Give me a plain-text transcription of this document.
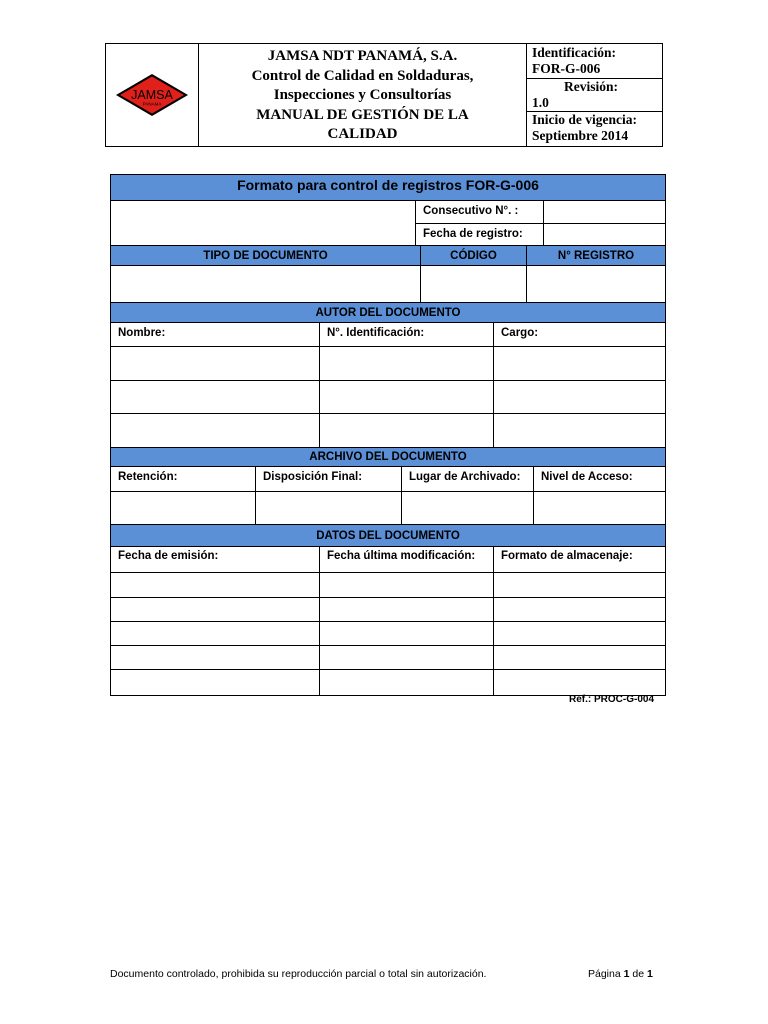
JAMSA
PANAMA
JAMSA NDT PANAMÁ, S.A.
Control de Calidad en Soldaduras,
Inspecciones y Consultorías
MANUAL DE GESTIÓN DE LA
CALIDAD
Identificación:
FOR-G-006
Revisión:
1.0
Inicio de vigencia:
Septiembre 2014
Formato para control de registros FOR-G-006
Consecutivo N°. :
Fecha de registro:
TIPO DE DOCUMENTO	CÓDIGO	N° REGISTRO
AUTOR DEL DOCUMENTO
Nombre:	N°. Identificación:	Cargo:
ARCHIVO DEL DOCUMENTO
Retención:	Disposición Final:	Lugar de Archivado:	Nivel de Acceso:
DATOS DEL DOCUMENTO
Fecha de emisión:	Fecha última modificación:	Formato de almacenaje:
Ref.: PROC-G-004
Documento controlado, prohibida su reproducción parcial o total sin autorización.	Página 1 de 1
